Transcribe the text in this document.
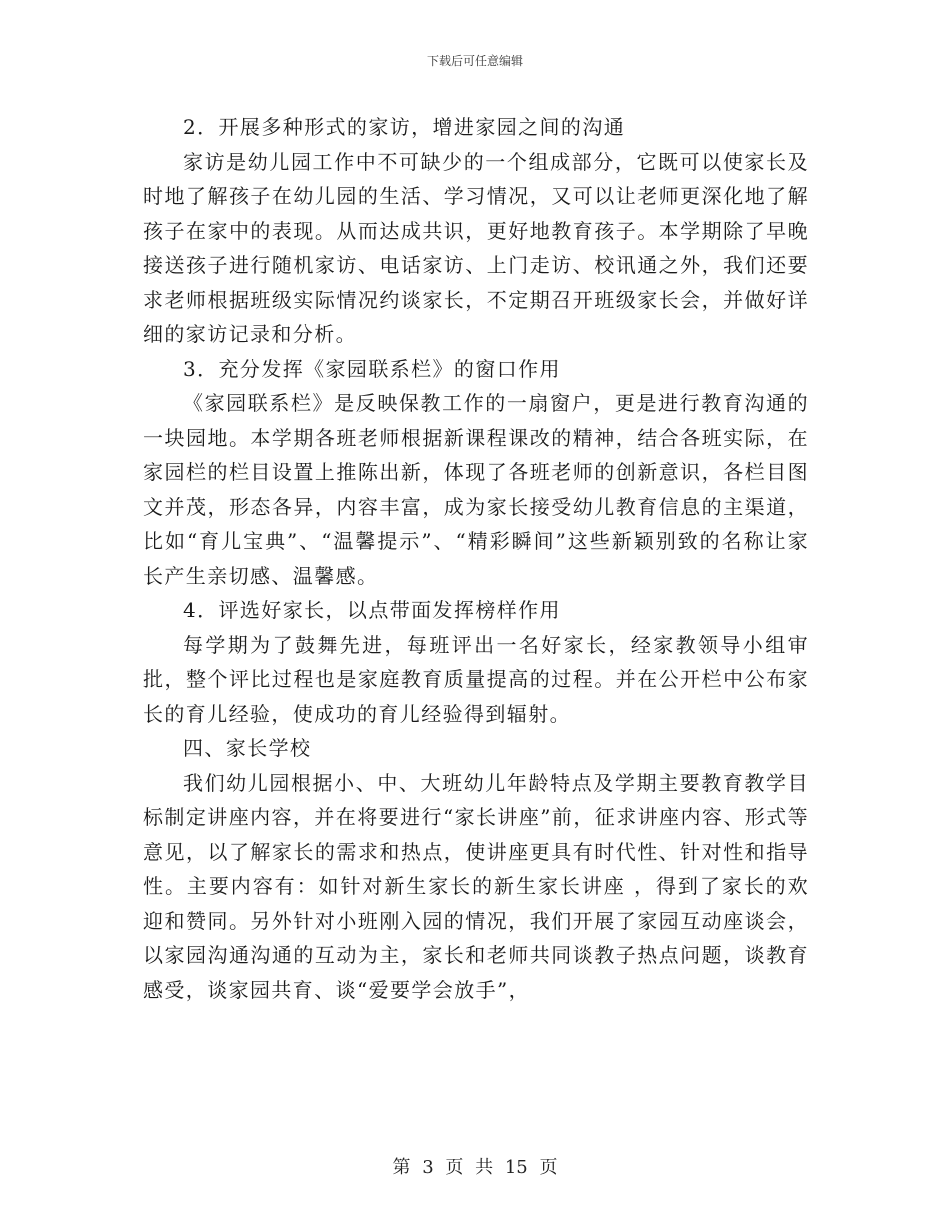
下载后可任意编辑

2．开展多种形式的家访，增进家园之间的沟通

家访是幼儿园工作中不可缺少的一个组成部分，它既可以使家长及时地了解孩子在幼儿园的生活、学习情况，又可以让老师更深化地了解孩子在家中的表现。从而达成共识，更好地教育孩子。本学期除了早晚接送孩子进行随机家访、电话家访、上门走访、校讯通之外，我们还要求老师根据班级实际情况约谈家长，不定期召开班级家长会，并做好详细的家访记录和分析。

3．充分发挥《家园联系栏》的窗口作用

《家园联系栏》是反映保教工作的一扇窗户，更是进行教育沟通的一块园地。本学期各班老师根据新课程课改的精神，结合各班实际，在家园栏的栏目设置上推陈出新，体现了各班老师的创新意识，各栏目图文并茂，形态各异，内容丰富，成为家长接受幼儿教育信息的主渠道，比如“育儿宝典”、“温馨提示”、“精彩瞬间”这些新颖别致的名称让家长产生亲切感、温馨感。

4．评选好家长，以点带面发挥榜样作用

每学期为了鼓舞先进，每班评出一名好家长，经家教领导小组审批，整个评比过程也是家庭教育质量提高的过程。并在公开栏中公布家长的育儿经验，使成功的育儿经验得到辐射。

四、家长学校

我们幼儿园根据小、中、大班幼儿年龄特点及学期主要教育教学目标制定讲座内容，并在将要进行“家长讲座”前，征求讲座内容、形式等意见，以了解家长的需求和热点，使讲座更具有时代性、针对性和指导性。主要内容有：如针对新生家长的新生家长讲座 ，得到了家长的欢迎和赞同。另外针对小班刚入园的情况，我们开展了家园互动座谈会，以家园沟通沟通的互动为主，家长和老师共同谈教子热点问题，谈教育感受，谈家园共育、谈“爱要学会放手”，

第 3 页 共 15 页
